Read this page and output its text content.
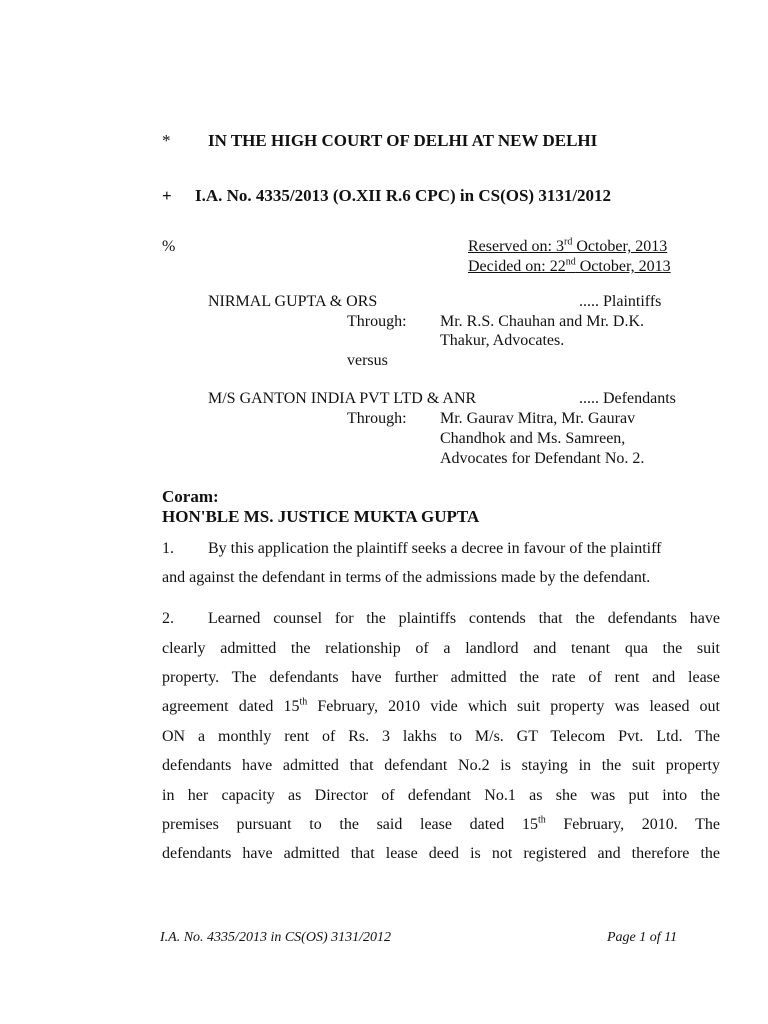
* IN THE HIGH COURT OF DELHI AT NEW DELHI
+ I.A. No. 4335/2013 (O.XII R.6 CPC) in CS(OS) 3131/2012
%	Reserved on: 3rd October, 2013
Decided on: 22nd October, 2013
NIRMAL GUPTA & ORS	..... Plaintiffs
Through: Mr. R.S. Chauhan and Mr. D.K.
Thakur, Advocates.
versus
M/S GANTON INDIA PVT LTD & ANR	..... Defendants
Through: Mr. Gaurav Mitra, Mr. Gaurav
Chandhok and Ms. Samreen,
Advocates for Defendant No. 2.
Coram:
HON'BLE MS. JUSTICE MUKTA GUPTA
1. By this application the plaintiff seeks a decree in favour of the plaintiff
and against the defendant in terms of the admissions made by the defendant.
2. Learned counsel for the plaintiffs contends that the defendants have
clearly admitted the relationship of a landlord and tenant qua the suit
property. The defendants have further admitted the rate of rent and lease
agreement dated 15th February, 2010 vide which suit property was leased out
ON a monthly rent of Rs. 3 lakhs to M/s. GT Telecom Pvt. Ltd. The
defendants have admitted that defendant No.2 is staying in the suit property
in her capacity as Director of defendant No.1 as she was put into the
premises pursuant to the said lease dated 15th February, 2010. The
defendants have admitted that lease deed is not registered and therefore the
I.A. No. 4335/2013 in CS(OS) 3131/2012	Page 1 of 11
